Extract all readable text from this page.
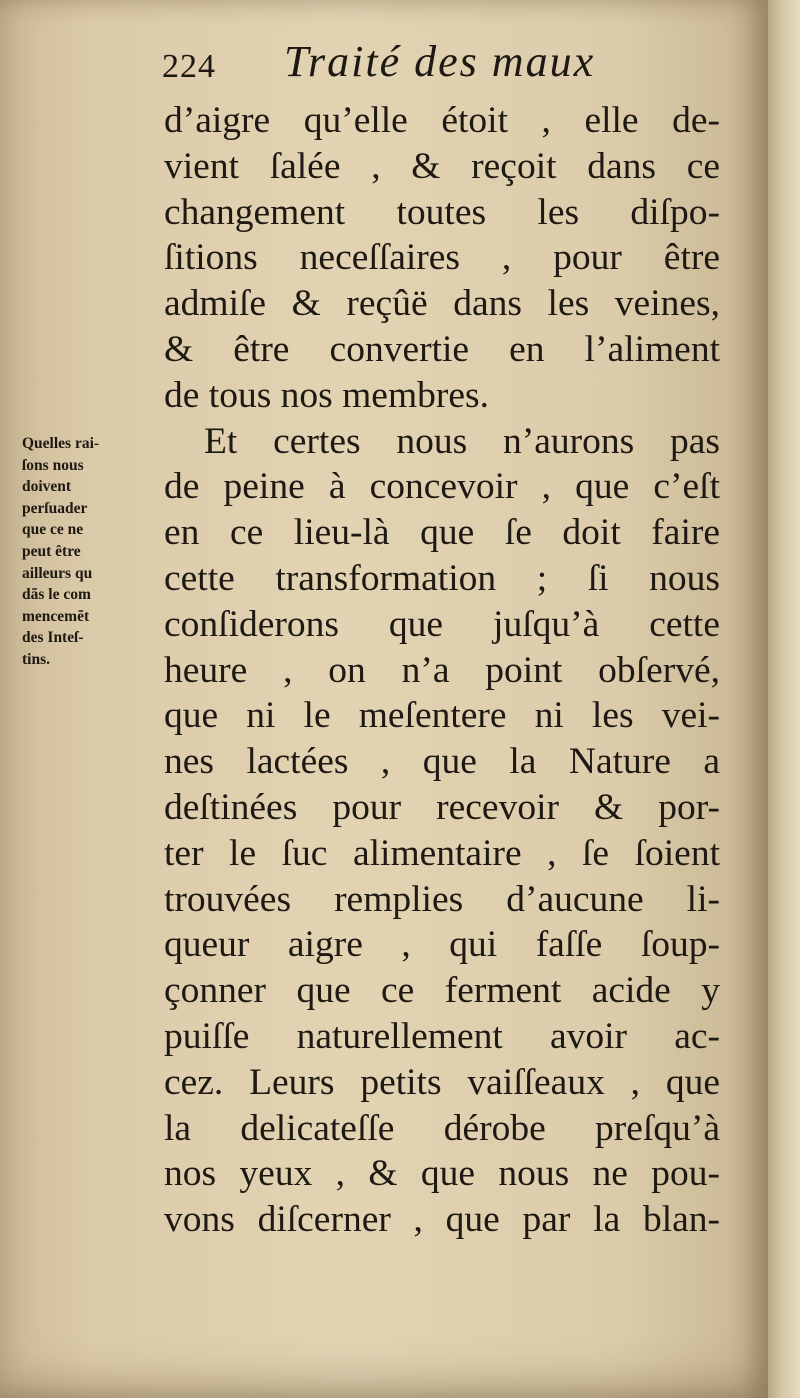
224 Traité des maux
d’aigre qu’elle étoit , elle de-
vient ſalée , & reçoit dans ce
changement toutes les diſpo-
ſitions neceſſaires , pour être
admiſe & reçûë dans les veines,
& être convertie en l’aliment
de tous nos membres.
Et certes nous n’aurons pas
de peine à concevoir , que c’eſt
en ce lieu-là que ſe doit faire
cette transformation ; ſi nous
conſiderons que juſqu’à cette
heure , on n’a point obſervé,
que ni le meſentere ni les vei-
nes lactées , que la Nature a
deſtinées pour recevoir & por-
ter le ſuc alimentaire , ſe ſoient
trouvées remplies d’aucune li-
queur aigre , qui faſſe ſoup-
çonner que ce ferment acide y
puiſſe naturellement avoir ac-
cez. Leurs petits vaiſſeaux , que
la delicateſſe dérobe preſqu’à
nos yeux , & que nous ne pou-
vons diſcerner , que par la blan-
Quelles rai-
ſons nous
doivent
perſuader
que ce ne
peut être
ailleurs qu
dãs le com
mencemẽt
des Inteſ-
tins.
